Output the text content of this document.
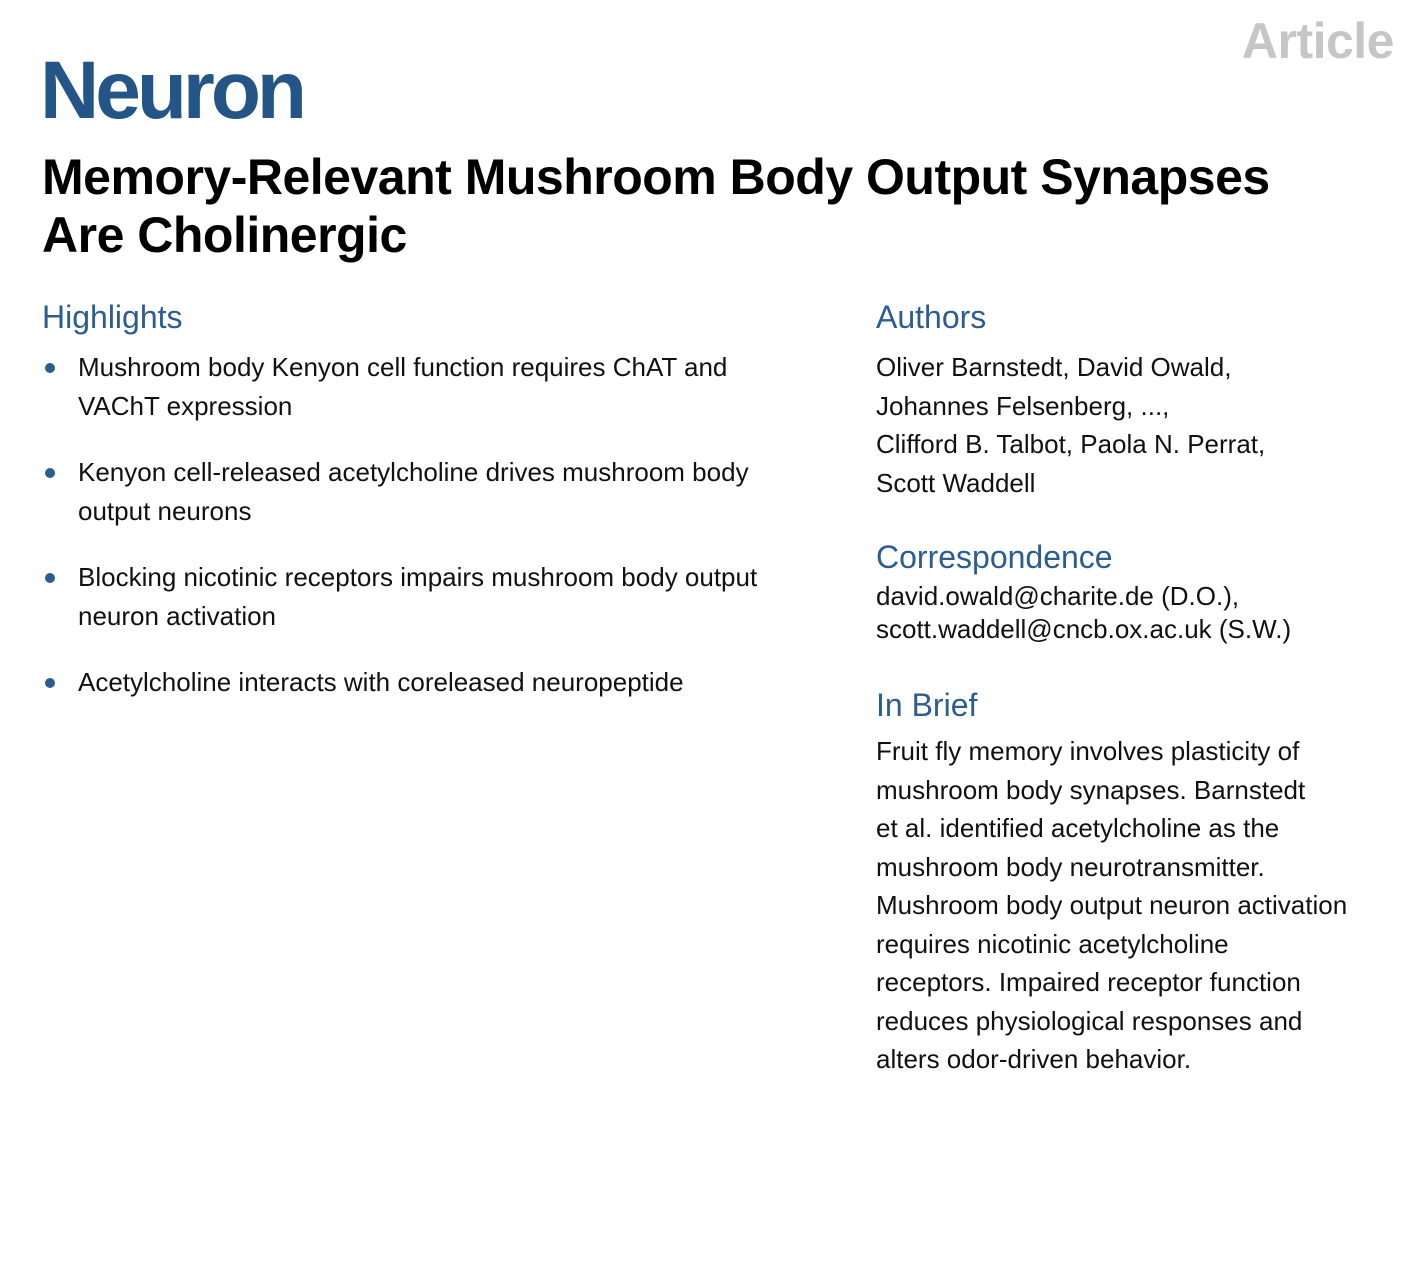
Article
Neuron
Memory-Relevant Mushroom Body Output Synapses
Are Cholinergic
Highlights
Mushroom body Kenyon cell function requires ChAT and
VAChT expression
Kenyon cell-released acetylcholine drives mushroom body
output neurons
Blocking nicotinic receptors impairs mushroom body output
neuron activation
Acetylcholine interacts with coreleased neuropeptide
Authors

Oliver Barnstedt, David Owald,
Johannes Felsenberg, ...,
Clifford B. Talbot, Paola N. Perrat,
Scott Waddell

Correspondence
david.owald@charite.de (D.O.),
scott.waddell@cncb.ox.ac.uk (S.W.)
In Brief

Fruit fly memory involves plasticity of
mushroom body synapses. Barnstedt
et al. identified acetylcholine as the
mushroom body neurotransmitter.
Mushroom body output neuron activation
requires nicotinic acetylcholine
receptors. Impaired receptor function
reduces physiological responses and
alters odor-driven behavior.
